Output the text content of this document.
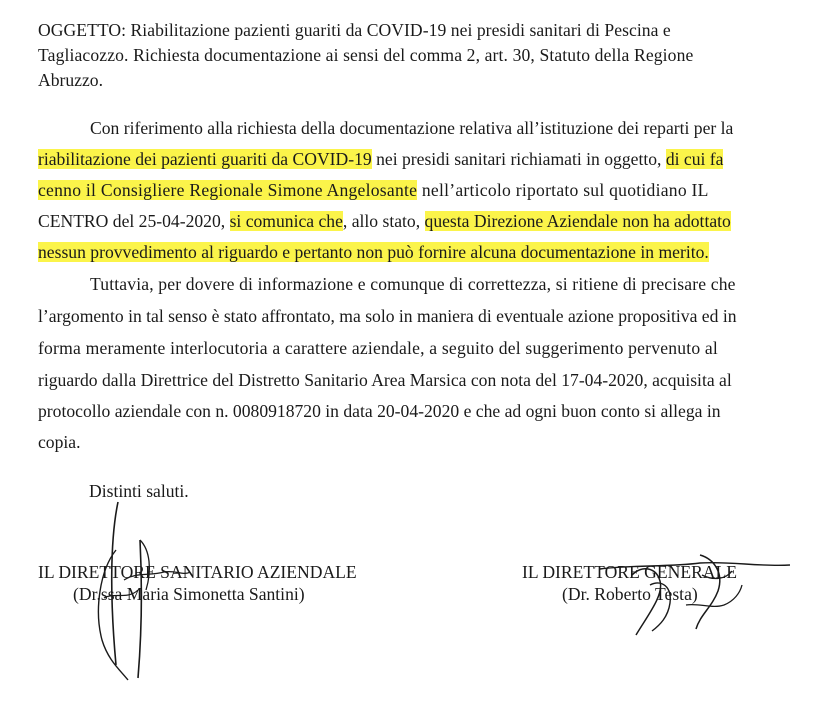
OGGETTO: Riabilitazione pazienti guariti da COVID-19 nei presidi sanitari di Pescina e
Tagliacozzo. Richiesta documentazione ai sensi del comma 2, art. 30, Statuto della Regione
Abruzzo.
Con riferimento alla richiesta della documentazione relativa all’istituzione dei reparti per la
riabilitazione dei pazienti guariti da COVID-19 nei presidi sanitari richiamati in oggetto, di cui fa
cenno il Consigliere Regionale Simone Angelosante nell’articolo riportato sul quotidiano IL
CENTRO del 25-04-2020, si comunica che, allo stato, questa Direzione Aziendale non ha adottato
nessun provvedimento al riguardo e pertanto non può fornire alcuna documentazione in merito.
Tuttavia, per dovere di informazione e comunque di correttezza, si ritiene di precisare che
l’argomento in tal senso è stato affrontato, ma solo in maniera di eventuale azione propositiva ed in
forma meramente interlocutoria a carattere aziendale, a seguito del suggerimento pervenuto al
riguardo dalla Direttrice del Distretto Sanitario Area Marsica con nota del 17-04-2020, acquisita al
protocollo aziendale con n. 0080918720 in data 20-04-2020 e che ad ogni buon conto si allega in
copia.
Distinti saluti.
IL DIRETTORE SANITARIO AZIENDALE
(Dr.ssa Maria Simonetta Santini)
IL DIRETTORE GENERALE
(Dr. Roberto Testa)
